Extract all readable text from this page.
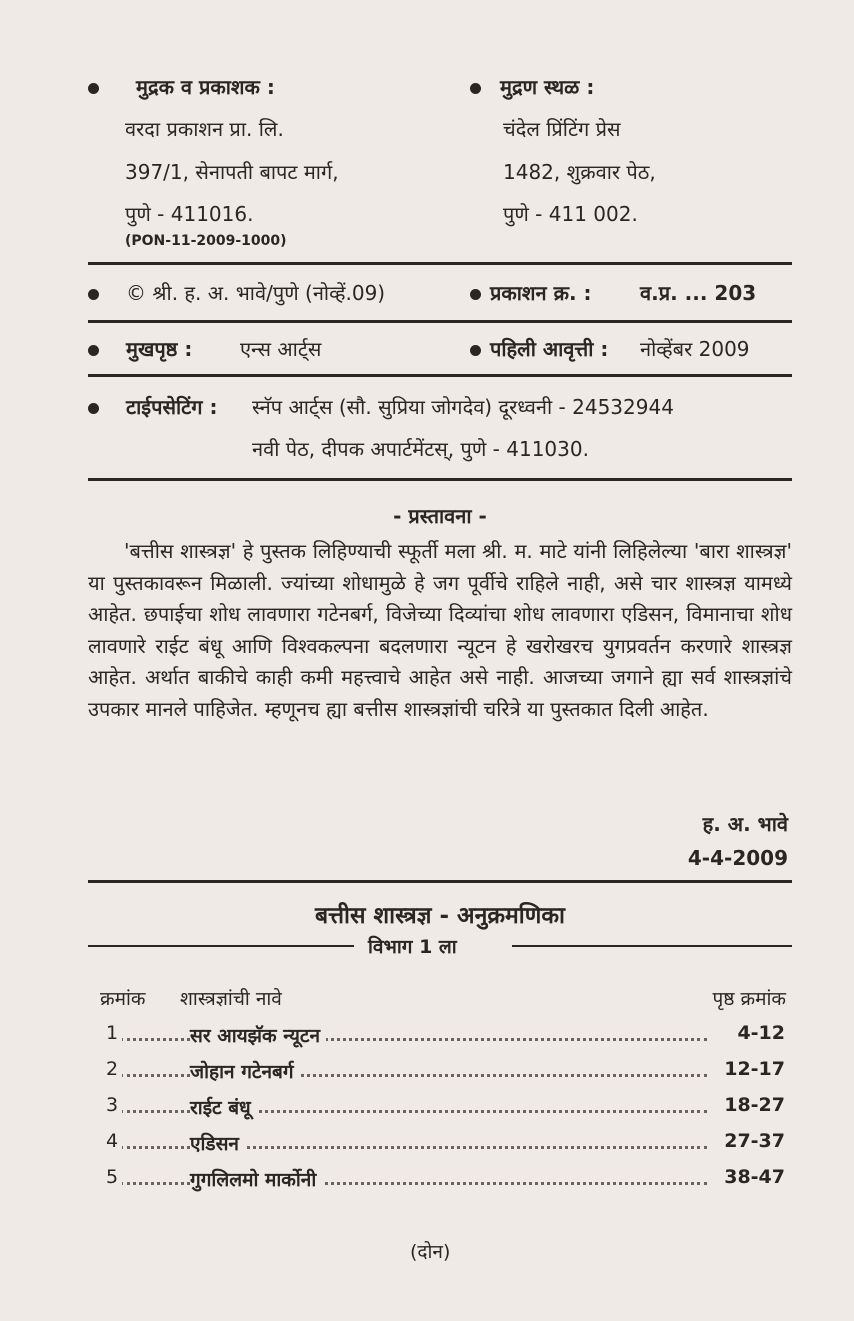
मुद्रक व प्रकाशक :
वरदा प्रकाशन प्रा. लि.
397/1, सेनापती बापट मार्ग,
पुणे - 411016.
(PON-11-2009-1000)
मुद्रण स्थळ :
चंदेल प्रिंटिंग प्रेस
1482, शुक्रवार पेठ,
पुणे - 411 002.
© श्री. ह. अ. भावे/पुणे (नोव्हें.09)	प्रकाशन क्र. : व.प्र. ... 203
मुखपृष्ठ : एन्स आर्ट्स	पहिली आवृत्ती : नोव्हेंबर 2009
टाईपसेटिंग : स्नॅप आर्ट्स (सौ. सुप्रिया जोगदेव) दूरध्वनी - 24532944
नवी पेठ, दीपक अपार्टमेंटस्, पुणे - 411030.
- प्रस्तावना -

'बत्तीस शास्त्रज्ञ' हे पुस्तक लिहिण्याची स्फूर्ती मला श्री. म. माटे यांनी लिहिलेल्या 'बारा शास्त्रज्ञ' या पुस्तकावरून मिळाली. ज्यांच्या शोधामुळे हे जग पूर्वीचे राहिले नाही, असे चार शास्त्रज्ञ यामध्ये आहेत. छपाईचा शोध लावणारा गटेनबर्ग, विजेच्या दिव्यांचा शोध लावणारा एडिसन, विमानाचा शोध लावणारे राईट बंधू आणि विश्वकल्पना बदलणारा न्यूटन हे खरोखरच युगप्रवर्तन करणारे शास्त्रज्ञ आहेत. अर्थात बाकीचे काही कमी महत्त्वाचे आहेत असे नाही. आजच्या जगाने ह्या सर्व शास्त्रज्ञांचे उपकार मानले पाहिजेत. म्हणूनच ह्या बत्तीस शास्त्रज्ञांची चरित्रे या पुस्तकात दिली आहेत.

ह. अ. भावे
4-4-2009
बत्तीस शास्त्रज्ञ - अनुक्रमणिका
विभाग 1 ला
क्रमांक शास्त्रज्ञांची नावे	पृष्ठ क्रमांक
1	सर आयझॅक न्यूटन	4-12
2	जोहान गटेनबर्ग	12-17
3	राईट बंधू	18-27
4	एडिसन	27-37
5	गुगलिलमो मार्कोनी	38-47
(दोन)
